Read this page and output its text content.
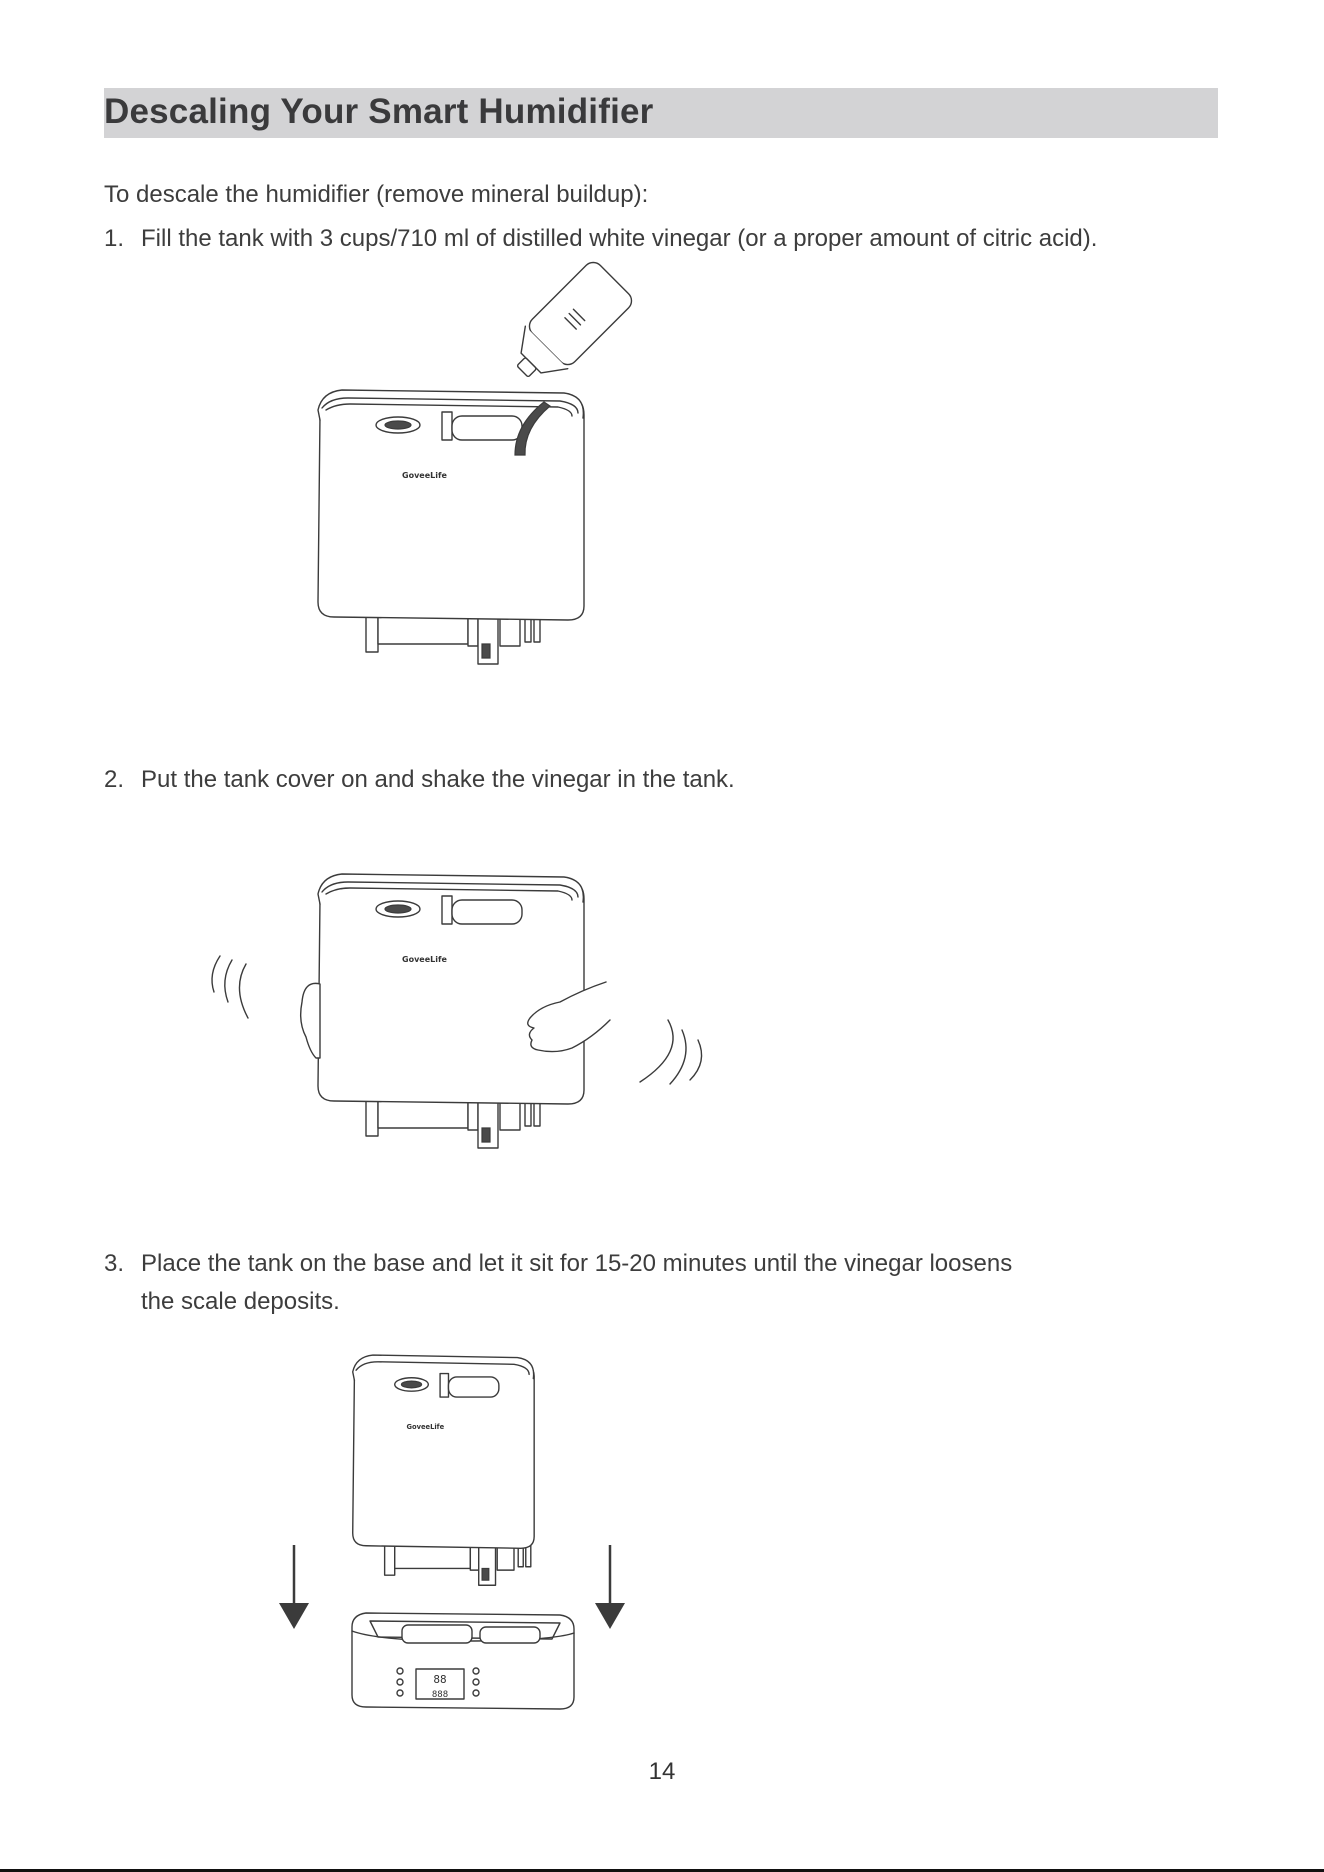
Descaling Your Smart Humidifier
To descale the humidifier (remove mineral buildup):
1. Fill the tank with 3 cups/710 ml of distilled white vinegar (or a proper amount of citric acid).
GoveeLife
2. Put the tank cover on and shake the vinegar in the tank.
GoveeLife
3. Place the tank on the base and let it sit for 15-20 minutes until the vinegar loosens
the scale deposits.
GoveeLife
88
888
14
